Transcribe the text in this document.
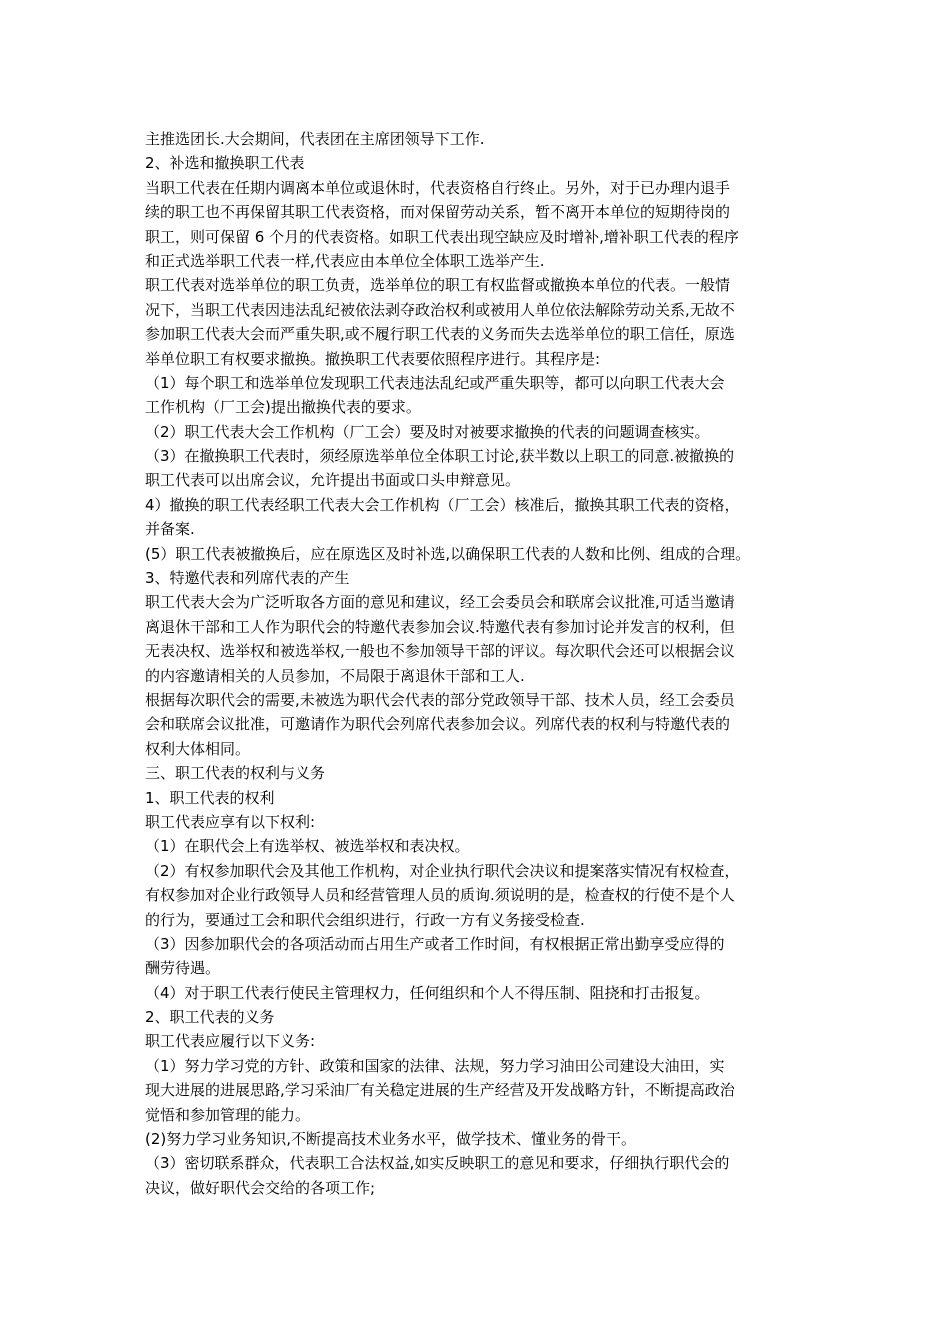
主推选团长.大会期间，代表团在主席团领导下工作.
2、补选和撤换职工代表
当职工代表在任期内调离本单位或退休时，代表资格自行终止。另外，对于已办理内退手
续的职工也不再保留其职工代表资格，而对保留劳动关系，暂不离开本单位的短期待岗的
职工，则可保留 6 个月的代表资格。如职工代表出现空缺应及时增补,增补职工代表的程序
和正式选举职工代表一样,代表应由本单位全体职工选举产生.
职工代表对选举单位的职工负责，选举单位的职工有权监督或撤换本单位的代表。一般情
况下，当职工代表因违法乱纪被依法剥夺政治权利或被用人单位依法解除劳动关系,无故不
参加职工代表大会而严重失职,或不履行职工代表的义务而失去选举单位的职工信任，原选
举单位职工有权要求撤换。撤换职工代表要依照程序进行。其程序是:
（1）每个职工和选举单位发现职工代表违法乱纪或严重失职等，都可以向职工代表大会
工作机构（厂工会)提出撤换代表的要求。
（2）职工代表大会工作机构（厂工会）要及时对被要求撤换的代表的问题调查核实。
（3）在撤换职工代表时，须经原选举单位全体职工讨论,获半数以上职工的同意.被撤换的
职工代表可以出席会议，允许提出书面或口头申辩意见。
4）撤换的职工代表经职工代表大会工作机构（厂工会）核准后，撤换其职工代表的资格，
并备案.
(5）职工代表被撤换后，应在原选区及时补选,以确保职工代表的人数和比例、组成的合理。
3、特邀代表和列席代表的产生
职工代表大会为广泛听取各方面的意见和建议，经工会委员会和联席会议批准,可适当邀请
离退休干部和工人作为职代会的特邀代表参加会议.特邀代表有参加讨论并发言的权利，但
无表决权、选举权和被选举权,一般也不参加领导干部的评议。每次职代会还可以根据会议
的内容邀请相关的人员参加，不局限于离退休干部和工人.
根据每次职代会的需要,未被选为职代会代表的部分党政领导干部、技术人员，经工会委员
会和联席会议批准，可邀请作为职代会列席代表参加会议。列席代表的权利与特邀代表的
权利大体相同。
三、职工代表的权利与义务
1、职工代表的权利
职工代表应享有以下权利:
（1）在职代会上有选举权、被选举权和表决权。
（2）有权参加职代会及其他工作机构，对企业执行职代会决议和提案落实情况有权检查，
有权参加对企业行政领导人员和经营管理人员的质询.须说明的是，检查权的行使不是个人
的行为，要通过工会和职代会组织进行，行政一方有义务接受检查.
（3）因参加职代会的各项活动而占用生产或者工作时间，有权根据正常出勤享受应得的
酬劳待遇。
（4）对于职工代表行使民主管理权力，任何组织和个人不得压制、阻挠和打击报复。
2、职工代表的义务
职工代表应履行以下义务:
（1）努力学习党的方针、政策和国家的法律、法规，努力学习油田公司建设大油田，实
现大进展的进展思路,学习采油厂有关稳定进展的生产经营及开发战略方针，不断提高政治
觉悟和参加管理的能力。
(2)努力学习业务知识,不断提高技术业务水平，做学技术、懂业务的骨干。
（3）密切联系群众，代表职工合法权益,如实反映职工的意见和要求，仔细执行职代会的
决议，做好职代会交给的各项工作;
